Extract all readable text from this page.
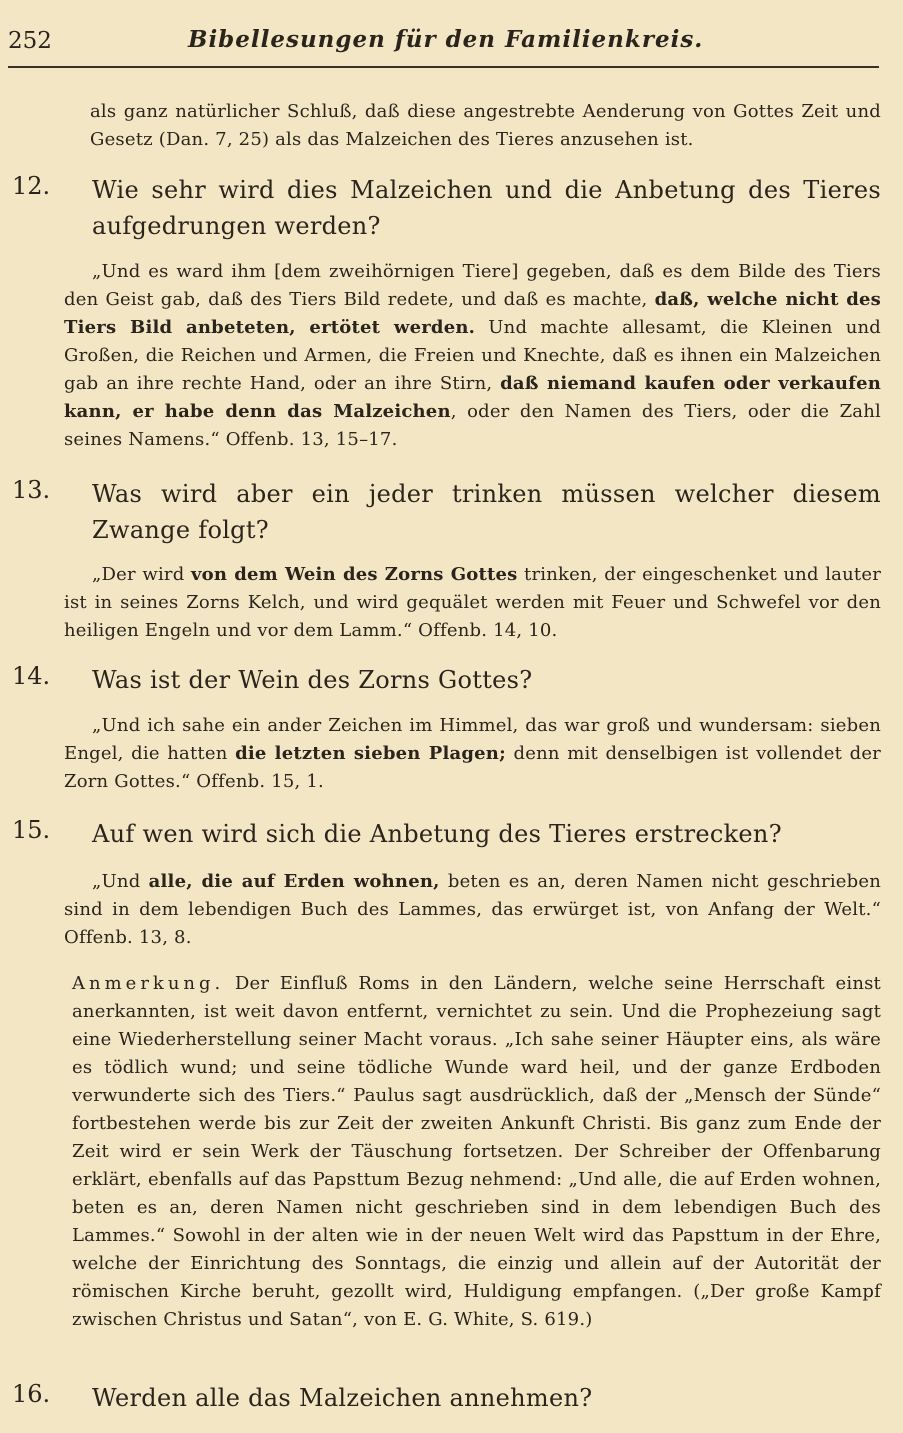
252	Bibellesungen für den Familienkreis.
als ganz natürlicher Schluß, daß diese angestrebte Aenderung von Gottes Zeit und Gesetz (Dan. 7, 25) als das Malzeichen des Tieres anzusehen ist.
12. Wie sehr wird dies Malzeichen und die Anbetung des Tieres aufgedrungen werden?
„Und es ward ihm [dem zweihörnigen Tiere] gegeben, daß es dem Bilde des Tiers den Geist gab, daß des Tiers Bild redete, und daß es machte, daß, welche nicht des Tiers Bild anbeteten, ertötet werden. Und machte allesamt, die Kleinen und Großen, die Reichen und Armen, die Freien und Knechte, daß es ihnen ein Malzeichen gab an ihre rechte Hand, oder an ihre Stirn, daß niemand kaufen oder verkaufen kann, er habe denn das Malzeichen, oder den Namen des Tiers, oder die Zahl seines Namens.“ Offenb. 13, 15–17.
13. Was wird aber ein jeder trinken müssen welcher diesem Zwange folgt?
„Der wird von dem Wein des Zorns Gottes trinken, der eingeschenket und lauter ist in seines Zorns Kelch, und wird gequälet werden mit Feuer und Schwefel vor den heiligen Engeln und vor dem Lamm.“ Offenb. 14, 10.
14. Was ist der Wein des Zorns Gottes?
„Und ich sahe ein ander Zeichen im Himmel, das war groß und wundersam: sieben Engel, die hatten die letzten sieben Plagen; denn mit denselbigen ist vollendet der Zorn Gottes.“ Offenb. 15, 1.
15. Auf wen wird sich die Anbetung des Tieres erstrecken?
„Und alle, die auf Erden wohnen, beten es an, deren Namen nicht geschrieben sind in dem lebendigen Buch des Lammes, das erwürget ist, von Anfang der Welt.“ Offenb. 13, 8.
Anmerkung. Der Einfluß Roms in den Ländern, welche seine Herrschaft einst anerkannten, ist weit davon entfernt, vernichtet zu sein. Und die Prophezeiung sagt eine Wiederherstellung seiner Macht voraus. „Ich sahe seiner Häupter eins, als wäre es tödlich wund; und seine tödliche Wunde ward heil, und der ganze Erdboden verwunderte sich des Tiers.“ Paulus sagt ausdrücklich, daß der „Mensch der Sünde“ fortbestehen werde bis zur Zeit der zweiten Ankunft Christi. Bis ganz zum Ende der Zeit wird er sein Werk der Täuschung fortsetzen. Der Schreiber der Offenbarung erklärt, ebenfalls auf das Papsttum Bezug nehmend: „Und alle, die auf Erden wohnen, beten es an, deren Namen nicht geschrieben sind in dem lebendigen Buch des Lammes.“ Sowohl in der alten wie in der neuen Welt wird das Papsttum in der Ehre, welche der Einrichtung des Sonntags, die einzig und allein auf der Autorität der römischen Kirche beruht, gezollt wird, Huldigung empfangen. („Der große Kampf zwischen Christus und Satan“, von E. G. White, S. 619.)
16. Werden alle das Malzeichen annehmen?
